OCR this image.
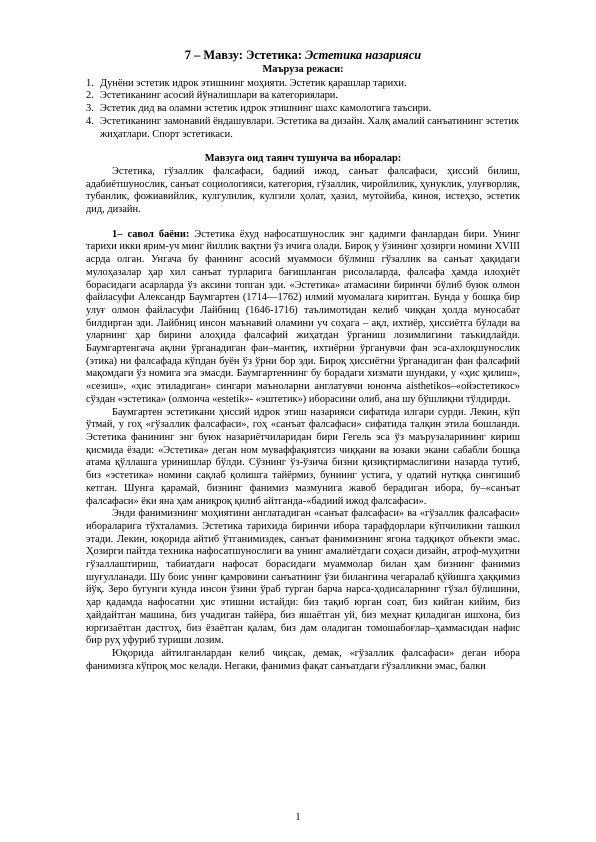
7 – Мавзу: Эстетика: Эстетика назарияси
Маъруза режаси:
1. Дунёни эстетик идрок этишнинг моҳияти. Эстетик қарашлар тарихи.
2. Эстетиканинг асосий йўналишлари ва категориялари.
3. Эстетик дид ва оламни эстетик идрок этишнинг шахс камолотига таъсири.
4. Эстетиканинг замонавий ёндашувлари. Эстетика ва дизайн. Халқ амалий санъатининг эстетик жиҳатлари. Спорт эстетикаси.
Мавзуга оид таянч тушунча ва иборалар:

Эстетика, гўзаллик фалсафаси, бадиий ижод, санъат фалсафаси, ҳиссий билиш, адабиётшунослик, санъат социологияси, категория, гўзаллик, чиройлилик, ҳунуклик, улуғворлик, тубанлик, фожиавийлик, кулгулилик, кулгили ҳолат, ҳазил, мутойиба, киноя, истеҳзо, эстетик дид, дизайн.

1– савол баёни: Эстетика ёхуд нафосатшунослик энг қадимги фанлардан бири. Унинг тарихи икки ярим-уч минг йиллик вақтни ўз ичига олади. Бироқ у ўзининг ҳозирги номини XVIII асрда олган. Унгача бу фаннинг асосий муаммоси бўлмиш гўзаллик ва санъат ҳақидаги мулоҳазалар ҳар хил санъат турларига бағишланган рисолаларда, фалсафа ҳамда илоҳиёт борасидаги асарларда ўз аксини топган эди. «Эстетика» атамасини биринчи бўлиб буюк олмон файласуфи Александр Баумгартен (1714—1762) илмий муомалага киритган. Бунда у бошқа бир улуғ олмон файласуфи Лайбниц (1646-1716) таълимотидан келиб чиққан ҳолда муносабат билдирган эди. Лайбниц инсон маънавий оламини уч соҳага – ақл, ихтиёр, ҳиссиётга бўлади ва уларнинг ҳар бирини алоҳида фалсафий жиҳатдан ўрганиш лозимлигини таъкидлайди. Баумгартенгача ақлни ўрганадиган фан–мантиқ, ихтиёрни ўрганувчи фан эса-ахлоқшунослик (этика) ни фалсафада кўпдан буён ўз ўрни бор эди. Бироқ ҳиссиётни ўрганадиган фан фалсафий мақомдаги ўз номига эга эмасди. Баумгартеннинг бу борадаги хизмати шундаки, у «ҳис қилиш», «сезиш», «ҳис этиладиган» сингари маъноларни англатувчи юнонча aisthetikos–«ойэстетикос» сўздан «эстетика» (олмонча «estetik»- «эштетик») иборасини олиб, ана шу бўшлиқни тўлдирди.

Баумгартен эстетикани ҳиссий идрок этиш назарияси сифатида илгари сурди. Лекин, кўп ўтмай, у гоҳ «гўзаллик фалсафаси», гоҳ «санъат фалсафаси» сифатида талқин этила бошланди. Эстетика фанининг энг буюк назариётчиларидан бири Гегель эса ўз маърузаларининг кириш қисмида ёзади: «Эстетика» деган ном мувaффақиятсиз чиққани ва юзаки экани сабабли бошқа атама қўллашга уринишлар бўлди. Сўзнинг ўз-ўзича бизни қизиқтирмаслигини назарда тутиб, биз «эстетика» номини сақлаб қолишга тайёрмиз, буниинг устига, у одатий нутққа сингишиб кетган. Шунга қарамай, бизнинг фанимиз мазмунига жавоб берадиган ибора, бу–«санъат фалсафаси» ёки яна ҳам аниқроқ қилиб айтганда-«бадиий ижод фалсафаси».

Энди фанимизнинг моҳиятини англатадиган «санъат фалсафаси» ва «гўзаллик фалсафаси» ибораларига тўхталамиз. Эстетика тарихида биринчи ибора тарафдорлари кўпчиликни ташкил этади. Лекин, юқорида айтиб ўтганимиздек, санъат фанимизнинг ягона тадқиқот объекти эмас. Ҳозирги пайтда техника нафосатшунослиги ва унинг амалиётдаги соҳаси дизайн, атроф-муҳитни гўзаллаштириш, табиатдаги нафосат борасидаги муаммолар билан ҳам бизнинг фанимиз шуғулланади. Шу боис унинг қамровини санъатнинг ўзи билангина чегаралаб қўйишга ҳаққимиз йўқ. Зеро бугунги кунда инсон ўзини ўраб турган барча нарса-ҳодисаларнинг гўзал бўлишини, ҳар қадамда нафосатни ҳис этишни истайди: биз тақиб юрган соат, биз кийган кийим, биз ҳайдайтган машина, биз учадиган тайёра, биз яшаётган уй, биз меҳнат қиладиган ишхона, биз юргизаётган дастгоҳ, биз ёзаётган қалам, биз дам оладиган томошабоғлар–ҳаммасидан нафис бир руҳ уфуриб туриши лозим.

Юқорида айтилганлардан келиб чиқсак, демак, «гўзаллик фалсафаси» деган ибора фанимизга кўпроқ мос келади. Негаки, фанимиз фақат санъатдаги гўзалликни эмас, балки

1
